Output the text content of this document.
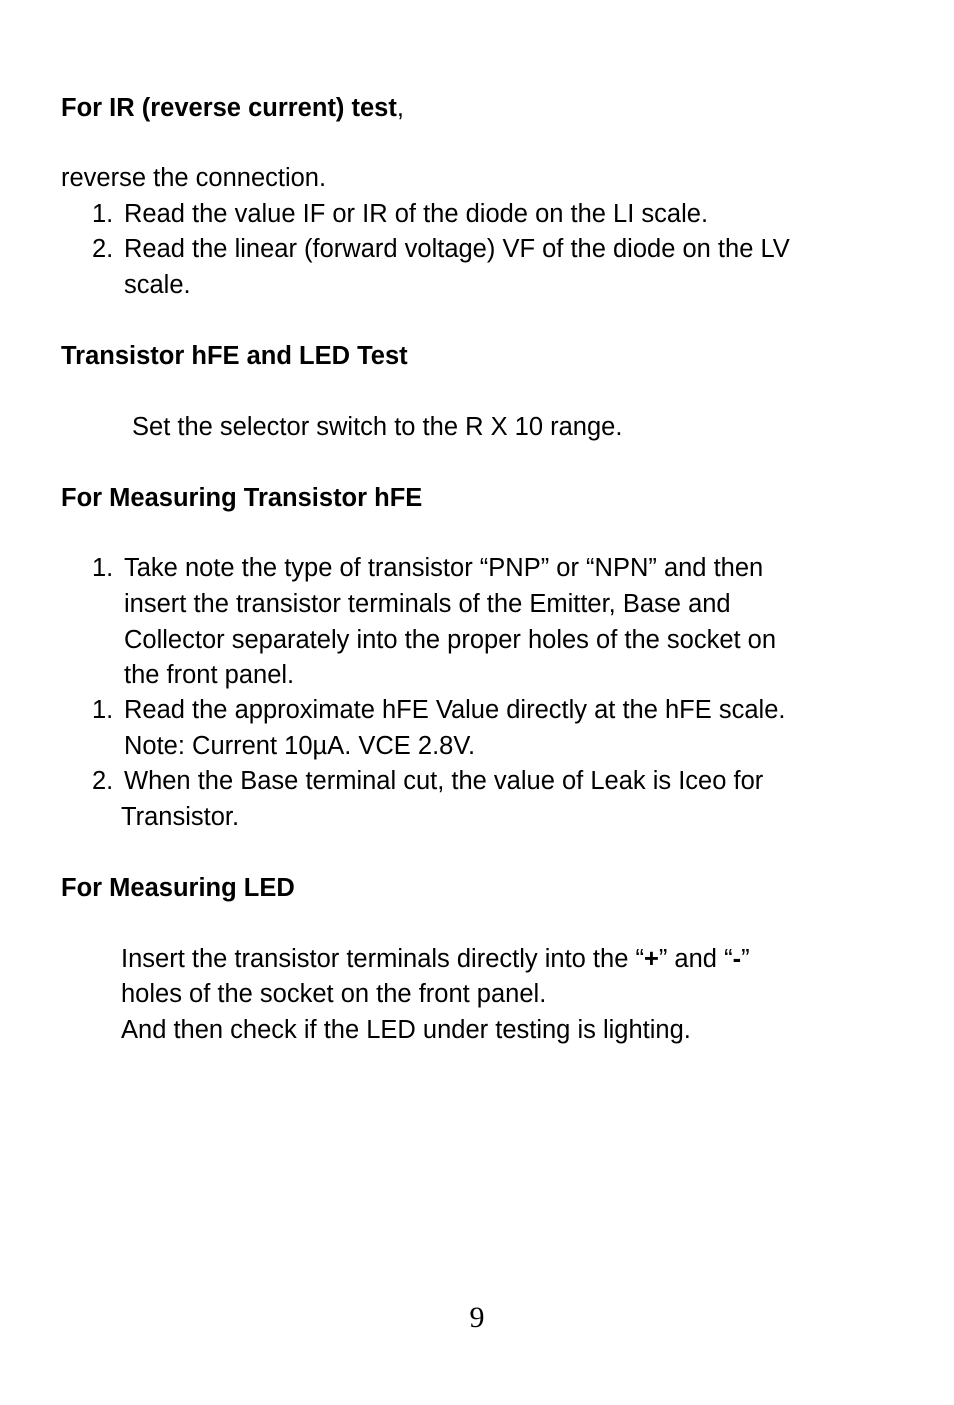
For IR (reverse current) test,
reverse the connection.
1. Read the value IF or IR of the diode on the LI scale.
2. Read the linear (forward voltage) VF of the diode on the LV
scale.
Transistor hFE and LED Test
Set the selector switch to the R X 10 range.
For Measuring Transistor hFE
1. Take note the type of transistor “PNP” or “NPN” and then
insert the transistor terminals of the Emitter, Base and
Collector separately into the proper holes of the socket on
the front panel.
1. Read the approximate hFE Value directly at the hFE scale.
Note: Current 10µA. VCE 2.8V.
2. When the Base terminal cut, the value of Leak is Iceo for
Transistor.
For Measuring LED
Insert the transistor terminals directly into the “+” and “-”
holes of the socket on the front panel.
And then check if the LED under testing is lighting.
9
